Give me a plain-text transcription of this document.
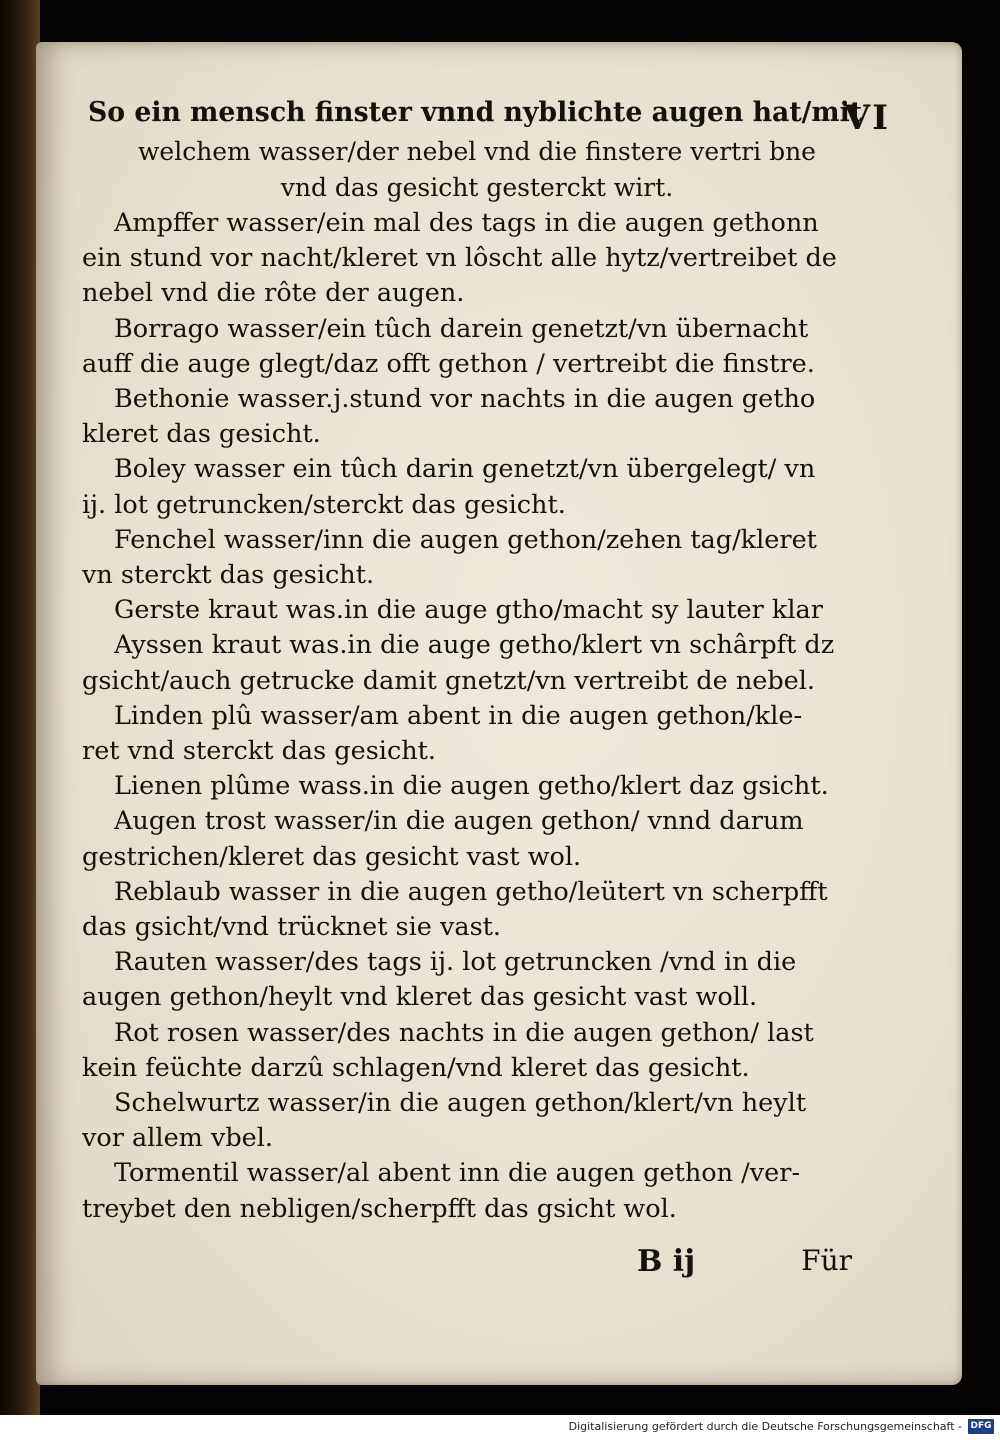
VI
So ein mensch finster vnnd nyblichte augen hat/mit
welchem wasser/der nebel vnd die finstere vertri bne
vnd das gesicht gesterckt wirt.
Ampffer wasser/ein mal des tags in die augen gethonn
ein stund vor nacht/kleret vn lôscht alle hytz/vertreibet de
nebel vnd die rôte der augen.
Borrago wasser/ein tûch darein genetzt/vn übernacht
auff die auge glegt/daz offt gethon / vertreibt die finstre.
Bethonie wasser.j.stund vor nachts in die augen getho
kleret das gesicht.
Boley wasser ein tûch darin genetzt/vn übergelegt/ vn
ij. lot getruncken/sterckt das gesicht.
Fenchel wasser/inn die augen gethon/zehen tag/kleret
vn sterckt das gesicht.
Gerste kraut was.in die auge gtho/macht sy lauter klar
Ayssen kraut was.in die auge getho/klert vn schârpft dz
gsicht/auch getrucke damit gnetzt/vn vertreibt de nebel.
Linden plû wasser/am abent in die augen gethon/kle-
ret vnd sterckt das gesicht.
Lienen plûme wass.in die augen getho/klert daz gsicht.
Augen trost wasser/in die augen gethon/ vnnd darum
gestrichen/kleret das gesicht vast wol.
Reblaub wasser in die augen getho/leütert vn scherpfft
das gsicht/vnd trücknet sie vast.
Rauten wasser/des tags ij. lot getruncken /vnd in die
augen gethon/heylt vnd kleret das gesicht vast woll.
Rot rosen wasser/des nachts in die augen gethon/ last
kein feüchte darzû schlagen/vnd kleret das gesicht.
Schelwurtz wasser/in die augen gethon/klert/vn heylt
vor allem vbel.
Tormentil wasser/al abent inn die augen gethon /ver-
treybet den nebligen/scherpfft das gsicht wol.
B ij	Für
Digitalisierung gefördert durch die Deutsche Forschungsgemeinschaft - DFG
